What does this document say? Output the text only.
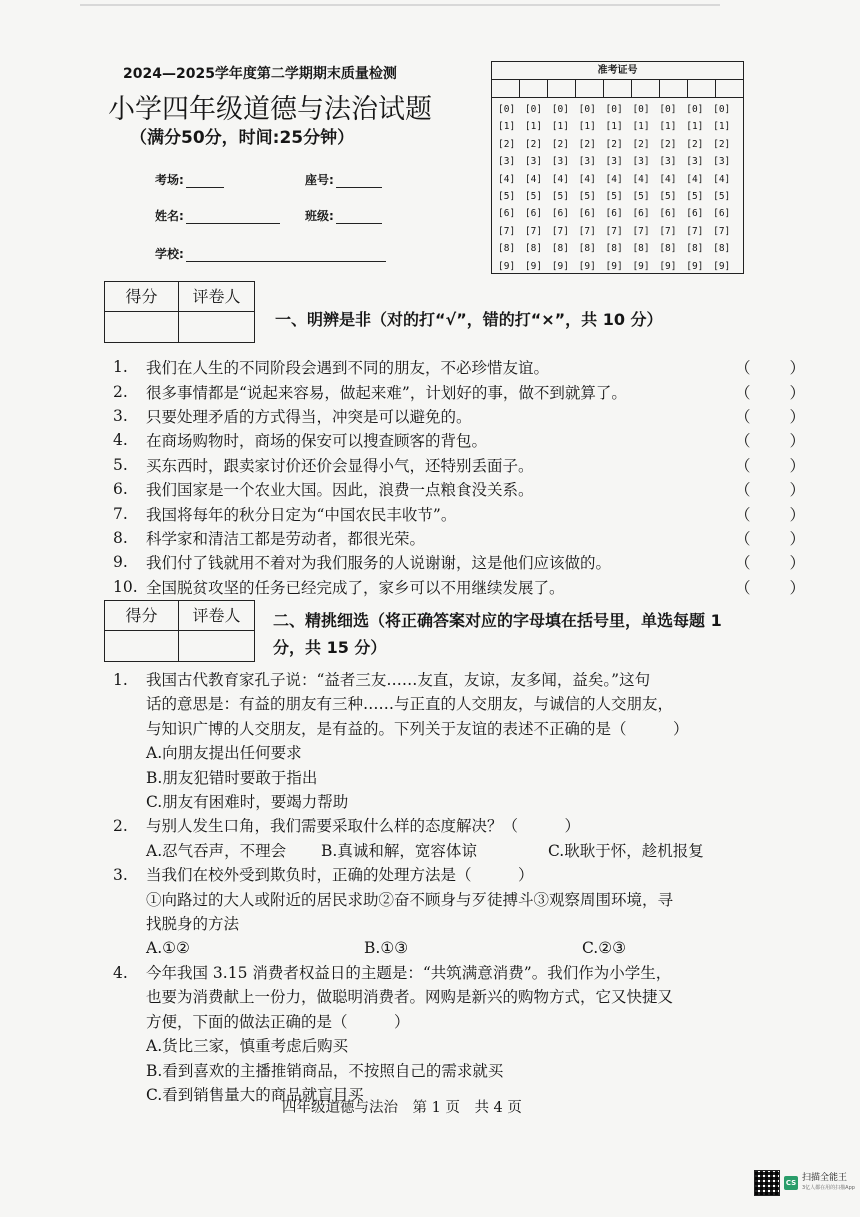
2024—2025学年度第二学期期末质量检测
小学四年级道德与法治试题
（满分50分，时间:25分钟）
考场:	座号:
姓名:	班级:
学校:
准考证号
[0]	[0]	[0]	[0]	[0]	[0]	[0]	[0]	[0]
[1]	[1]	[1]	[1]	[1]	[1]	[1]	[1]	[1]
[2]	[2]	[2]	[2]	[2]	[2]	[2]	[2]	[2]
[3]	[3]	[3]	[3]	[3]	[3]	[3]	[3]	[3]
[4]	[4]	[4]	[4]	[4]	[4]	[4]	[4]	[4]
[5]	[5]	[5]	[5]	[5]	[5]	[5]	[5]	[5]
[6]	[6]	[6]	[6]	[6]	[6]	[6]	[6]	[6]
[7]	[7]	[7]	[7]	[7]	[7]	[7]	[7]	[7]
[8]	[8]	[8]	[8]	[8]	[8]	[8]	[8]	[8]
[9]	[9]	[9]	[9]	[9]	[9]	[9]	[9]	[9]
得分	评卷人
一、明辨是非（对的打“√”，错的打“×”，共 10 分）
1.	我们在人生的不同阶段会遇到不同的朋友，不必珍惜友谊。	（	）
2.	很多事情都是“说起来容易，做起来难”，计划好的事，做不到就算了。	（	）
3.	只要处理矛盾的方式得当，冲突是可以避免的。	（	）
4.	在商场购物时，商场的保安可以搜查顾客的背包。	（	）
5.	买东西时，跟卖家讨价还价会显得小气，还特别丢面子。	（	）
6.	我们国家是一个农业大国。因此，浪费一点粮食没关系。	（	）
7.	我国将每年的秋分日定为“中国农民丰收节”。	（	）
8.	科学家和清洁工都是劳动者，都很光荣。	（	）
9.	我们付了钱就用不着对为我们服务的人说谢谢，这是他们应该做的。	（	）
10. 全国脱贫攻坚的任务已经完成了，家乡可以不用继续发展了。	（	）
得分	评卷人	二、精挑细选（将正确答案对应的字母填在括号里，单选每题 1
分，共 15 分）
1.	我国古代教育家孔子说：“益者三友……友直，友谅，友多闻，益矣。”这句
话的意思是：有益的朋友有三种……与正直的人交朋友，与诚信的人交朋友，
与知识广博的人交朋友，是有益的。下列关于友谊的表述不正确的是（　　　）
A.向朋友提出任何要求
B.朋友犯错时要敢于指出
C.朋友有困难时，要竭力帮助
2.	与别人发生口角，我们需要采取什么样的态度解决？（　　　）
A.忍气吞声，不理会	B.真诚和解，宽容体谅	C.耿耿于怀，趁机报复
3.	当我们在校外受到欺负时，正确的处理方法是（　　　）
①向路过的大人或附近的居民求助②奋不顾身与歹徒搏斗③观察周围环境，寻
找脱身的方法
A.①②	B.①③	C.②③
4.	今年我国 3.15 消费者权益日的主题是：“共筑满意消费”。我们作为小学生，
也要为消费献上一份力，做聪明消费者。网购是新兴的购物方式，它又快捷又
方便，下面的做法正确的是（　　　）
A.货比三家，慎重考虑后购买
B.看到喜欢的主播推销商品，不按照自己的需求就买
C.看到销售量大的商品就盲目买
四年级道德与法治　第 1 页　共 4 页
CS 扫描全能王
3亿人都在用的扫描App
